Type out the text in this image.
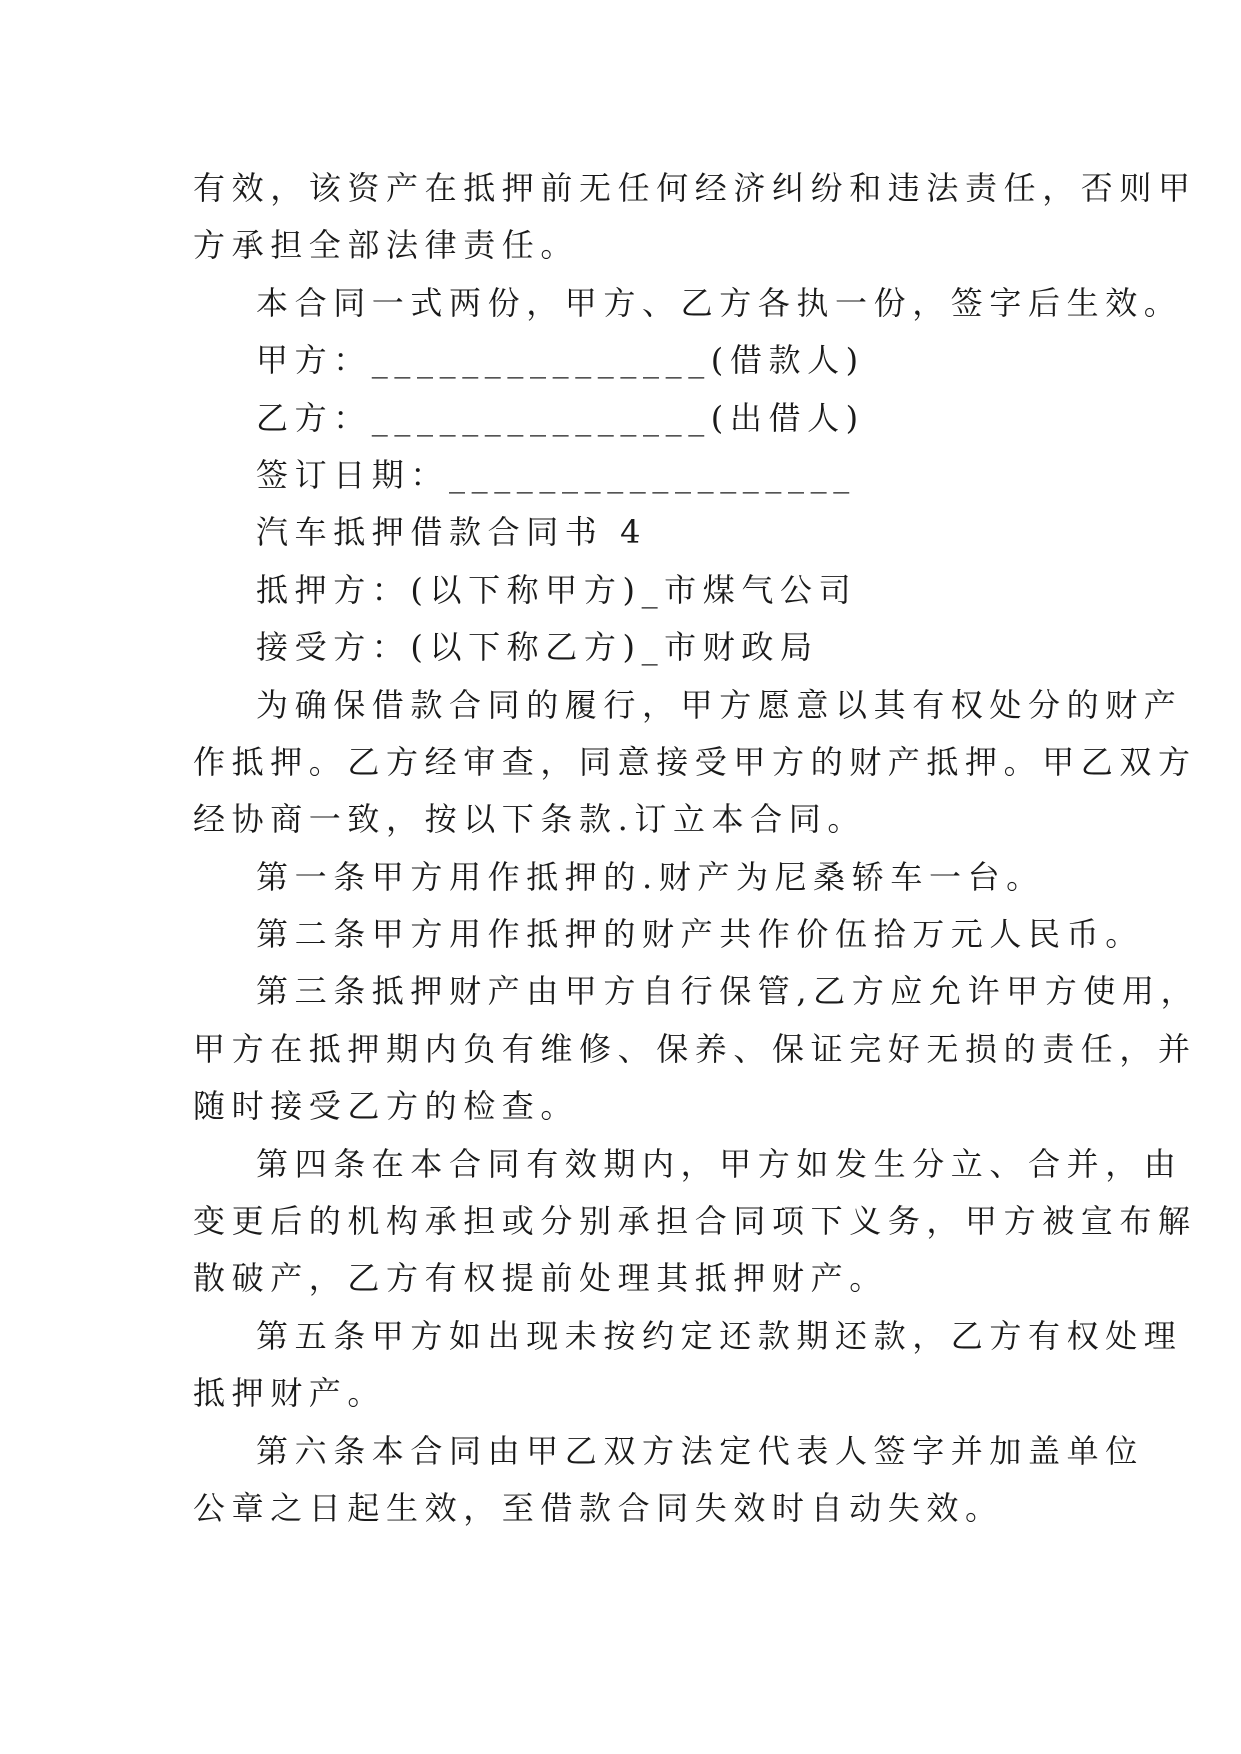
有效，该资产在抵押前无任何经济纠纷和违法责任，否则甲
方承担全部法律责任。
本合同一式两份，甲方、乙方各执一份，签字后生效。
甲方：_______________(借款人)
乙方：_______________(出借人)
签订日期：__________________
汽车抵押借款合同书 4
抵押方：(以下称甲方)_市煤气公司
接受方：(以下称乙方)_市财政局
为确保借款合同的履行，甲方愿意以其有权处分的财产
作抵押。乙方经审查，同意接受甲方的财产抵押。甲乙双方
经协商一致，按以下条款.订立本合同。
第一条甲方用作抵押的.财产为尼桑轿车一台。
第二条甲方用作抵押的财产共作价伍拾万元人民币。
第三条抵押财产由甲方自行保管,乙方应允许甲方使用，
甲方在抵押期内负有维修、保养、保证完好无损的责任，并
随时接受乙方的检查。
第四条在本合同有效期内，甲方如发生分立、合并，由
变更后的机构承担或分别承担合同项下义务，甲方被宣布解
散破产，乙方有权提前处理其抵押财产。
第五条甲方如出现未按约定还款期还款，乙方有权处理
抵押财产。
第六条本合同由甲乙双方法定代表人签字并加盖单位
公章之日起生效，至借款合同失效时自动失效。
